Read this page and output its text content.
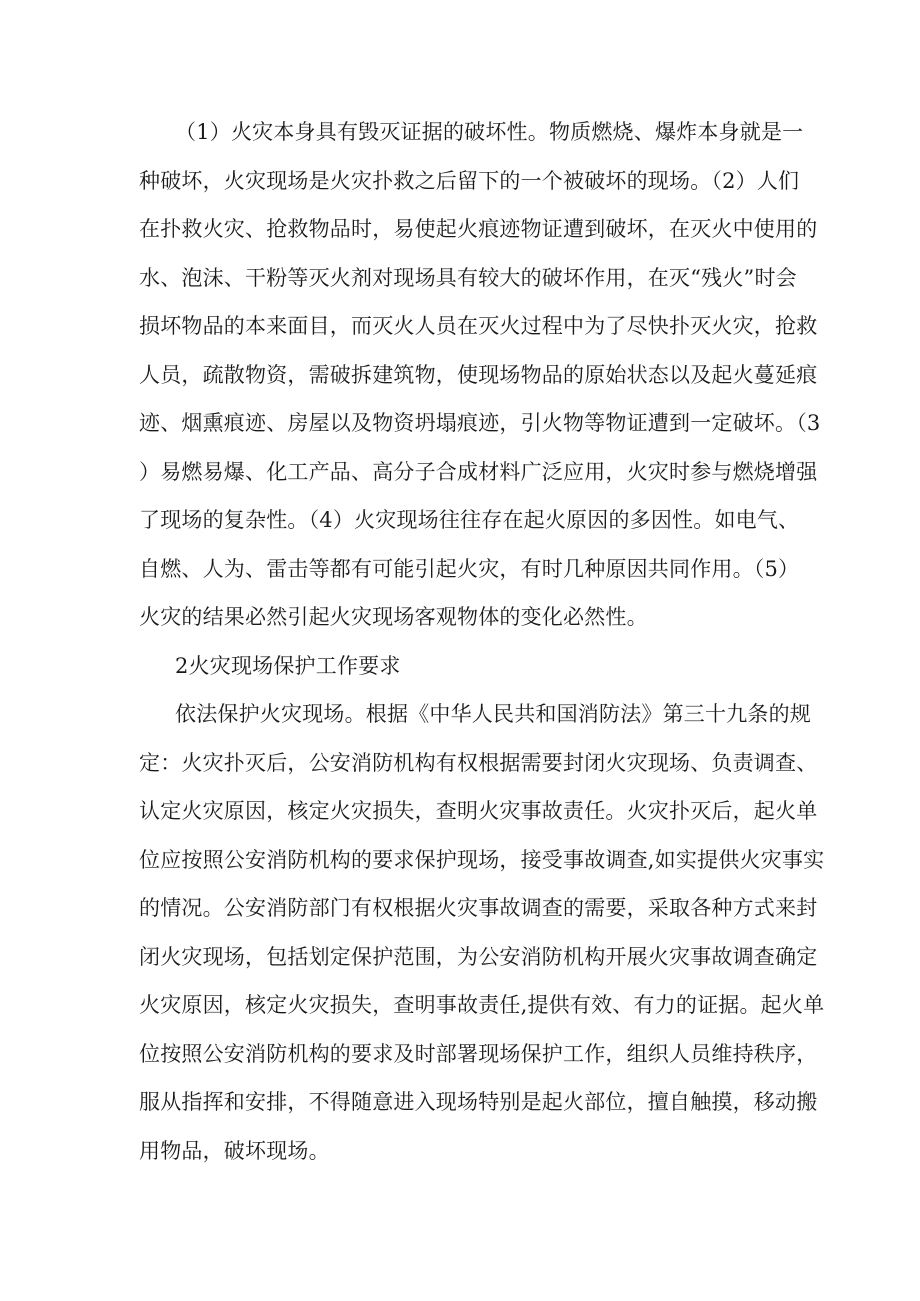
（1）火灾本身具有毁灭证据的破坏性。物质燃烧、爆炸本身就是一

种破坏，火灾现场是火灾扑救之后留下的一个被破坏的现场。（2）人们

在扑救火灾、抢救物品时，易使起火痕迹物证遭到破坏，在灭火中使用的

水、泡沫、干粉等灭火剂对现场具有较大的破坏作用，在灭“残火”时会

损坏物品的本来面目，而灭火人员在灭火过程中为了尽快扑灭火灾，抢救

人员，疏散物资，需破拆建筑物，使现场物品的原始状态以及起火蔓延痕

迹、烟熏痕迹、房屋以及物资坍塌痕迹，引火物等物证遭到一定破坏。（3

）易燃易爆、化工产品、高分子合成材料广泛应用，火灾时参与燃烧增强

了现场的复杂性。（4）火灾现场往往存在起火原因的多因性。如电气、

自燃、人为、雷击等都有可能引起火灾，有时几种原因共同作用。（5）

火灾的结果必然引起火灾现场客观物体的变化必然性。

2火灾现场保护工作要求

依法保护火灾现场。根据《中华人民共和国消防法》第三十九条的规

定：火灾扑灭后，公安消防机构有权根据需要封闭火灾现场、负责调查、

认定火灾原因，核定火灾损失，查明火灾事故责任。火灾扑灭后，起火单

位应按照公安消防机构的要求保护现场，接受事故调查,如实提供火灾事实

的情况。公安消防部门有权根据火灾事故调查的需要，采取各种方式来封

闭火灾现场，包括划定保护范围，为公安消防机构开展火灾事故调查确定

火灾原因，核定火灾损失，查明事故责任,提供有效、有力的证据。起火单

位按照公安消防机构的要求及时部署现场保护工作，组织人员维持秩序，

服从指挥和安排，不得随意进入现场特别是起火部位，擅自触摸，移动搬

用物品，破坏现场。
